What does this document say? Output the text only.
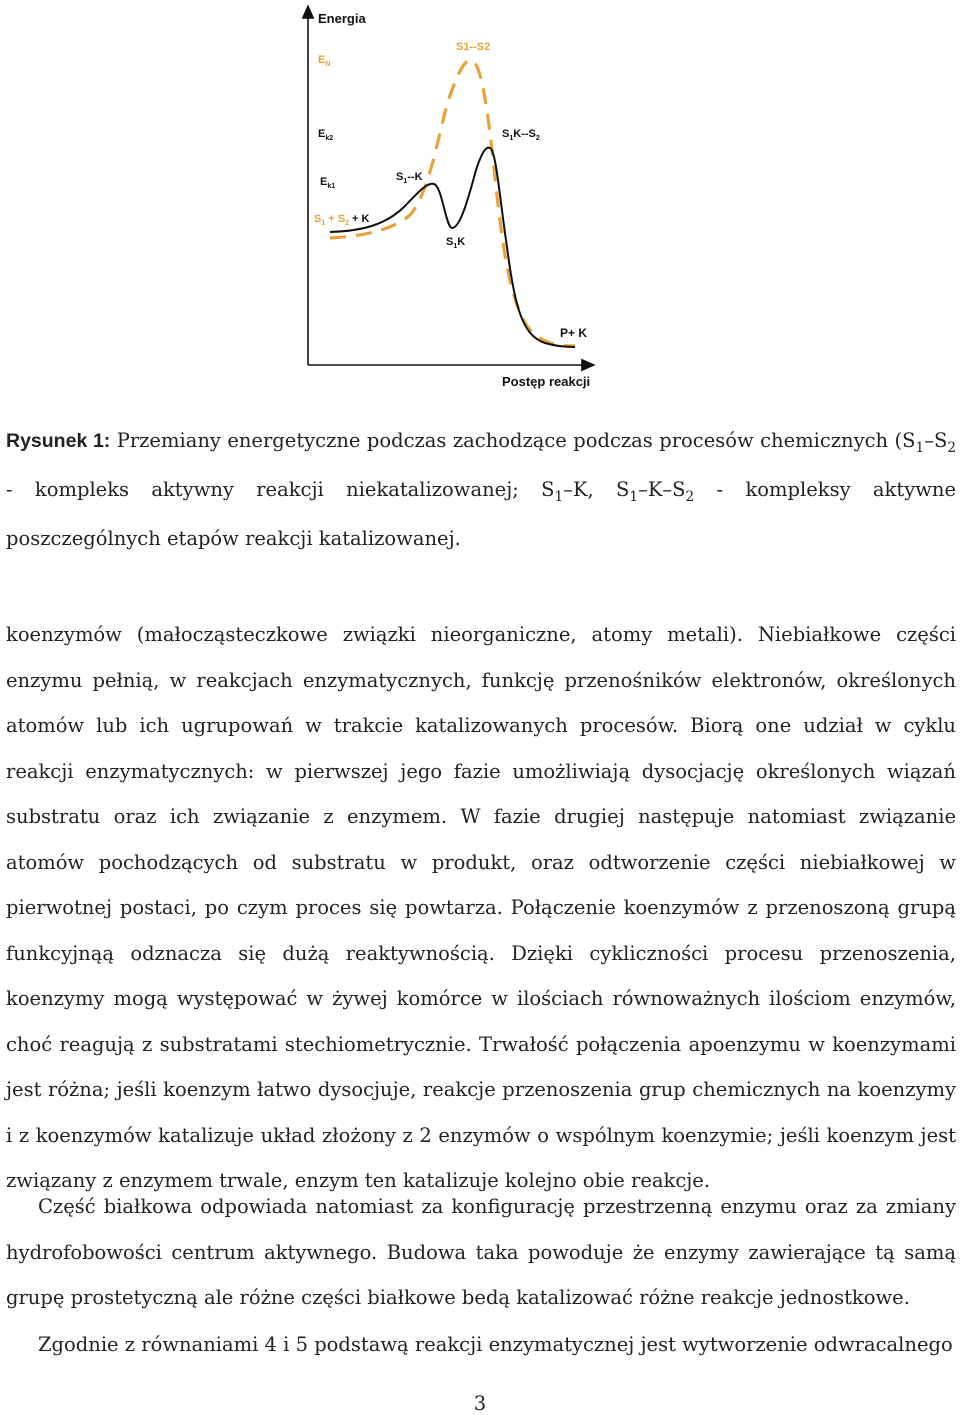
Energia
Postęp reakcji
$E_N$
S1--S2
$E_{k2}$	$S_1K--S_2$
$E_{k1}$
$S_1--K$
$S_1 + S_2 + K$
$S_1K$
P+ K
Rysunek 1: Przemiany energetyczne podczas zachodzące podczas procesów chemicznych ($S_1-S_2$ - kompleks aktywny reakcji niekatalizowanej; $S_1-K$, $S_1-K-S_2$ - kompleksy aktywne poszczególnych etapów reakcji katalizowanej.

koenzymów (małocząsteczkowe związki nieorganiczne, atomy metali). Niebiałkowe części enzymu pełnią, w reakcjach enzymatycznych, funkcję przenośników elektronów, określonych atomów lub ich ugrupowań w trakcie katalizowanych procesów. Biorą one udział w cyklu reakcji enzymatycznych: w pierwszej jego fazie umożliwiają dysocjację określonych wiązań substratu oraz ich związanie z enzymem. W fazie drugiej następuje natomiast związanie atomów pochodzących od substratu w produkt, oraz odtworzenie części niebiałkowej w pierwotnej postaci, po czym proces się powtarza. Połączenie koenzymów z przenoszoną grupą funkcyjnąą odznacza się dużą reaktywnością. Dzięki cykliczności procesu przenoszenia, koenzymy mogą występować w żywej komórce w ilościach równoważnych ilościom enzymów, choć reagują z substratami stechiometrycznie. Trwałość połączenia apoenzymu w koenzymami jest różna; jeśli koenzym łatwo dysocjuje, reakcje przenoszenia grup chemicznych na koenzymy i z koenzymów katalizuje układ złożony z 2 enzymów o wspólnym koenzymie; jeśli koenzym jest związany z enzymem trwale, enzym ten katalizuje kolejno obie reakcje.

Część białkowa odpowiada natomiast za konfigurację przestrzenną enzymu oraz za zmiany hydrofobowości centrum aktywnego. Budowa taka powoduje że enzymy zawierające tą samą grupę prostetyczną ale różne części białkowe bedą katalizować różne reakcje jednostkowe.

Zgodnie z równaniami 4 i 5 podstawą reakcji enzymatycznej jest wytworzenie odwracalnego

3
